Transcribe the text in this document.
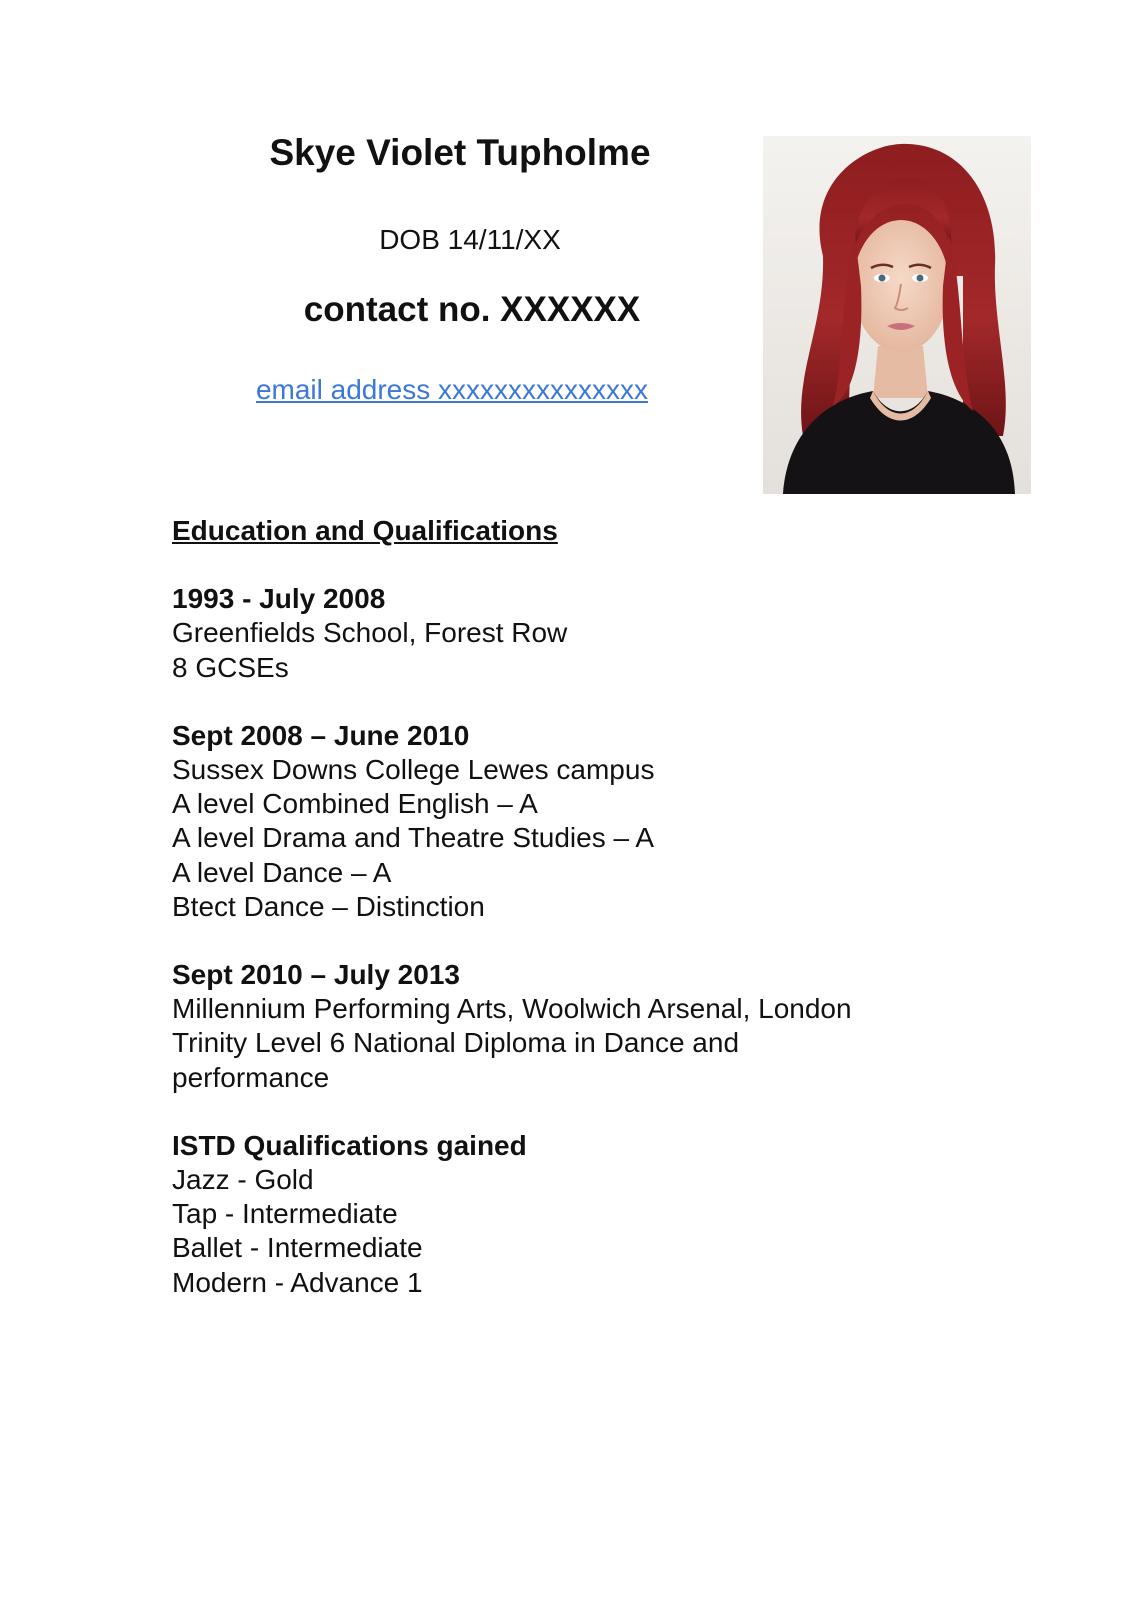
Skye Violet Tupholme

DOB 14/11/XX

contact no. XXXXXX

email address xxxxxxxxxxxxxxx
Education and Qualifications
1993 - July 2008
Greenfields School, Forest Row
8 GCSEs
Sept 2008 – June 2010
Sussex Downs College Lewes campus
A level Combined English – A
A level Drama and Theatre Studies – A
A level Dance – A
Btect Dance – Distinction
Sept 2010 – July 2013
Millennium Performing Arts, Woolwich Arsenal, London
Trinity Level 6 National Diploma in Dance and
performance
ISTD Qualifications gained
Jazz - Gold
Tap - Intermediate
Ballet - Intermediate
Modern - Advance 1
